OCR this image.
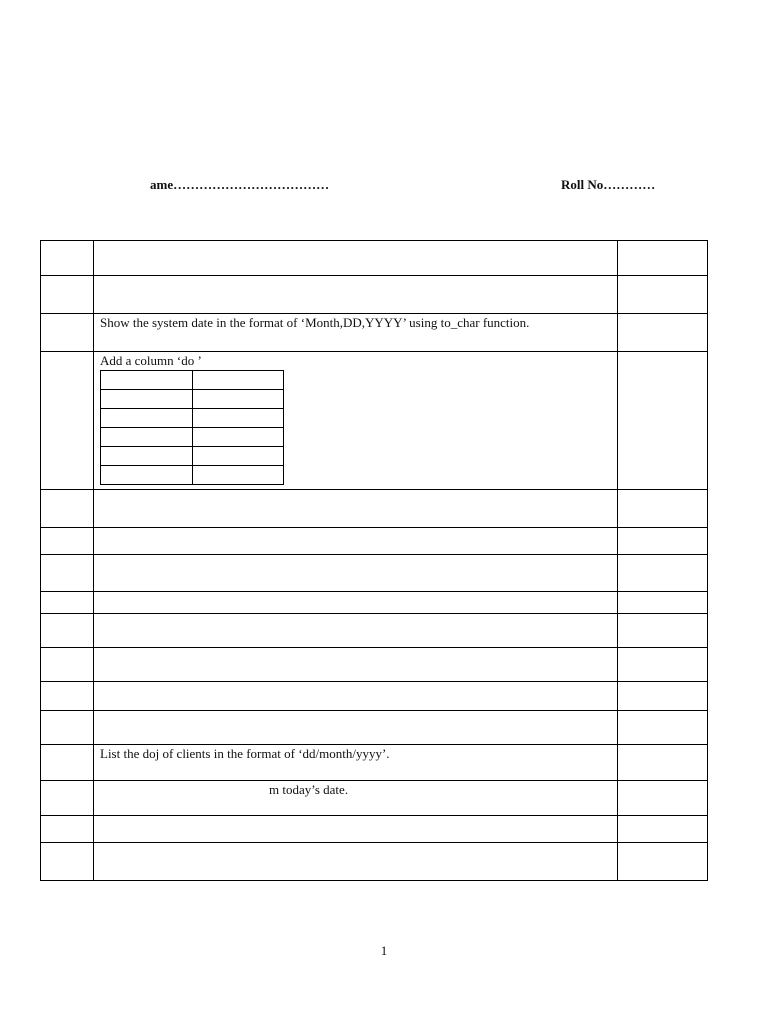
ame………………………………	Roll No…………

Show the system date in the format of ‘Month,DD,YYYY’ using to_char function.

Add a column ‘do ’

List the doj of clients in the format of ‘dd/month/yyyy’.

m today’s date.

1
